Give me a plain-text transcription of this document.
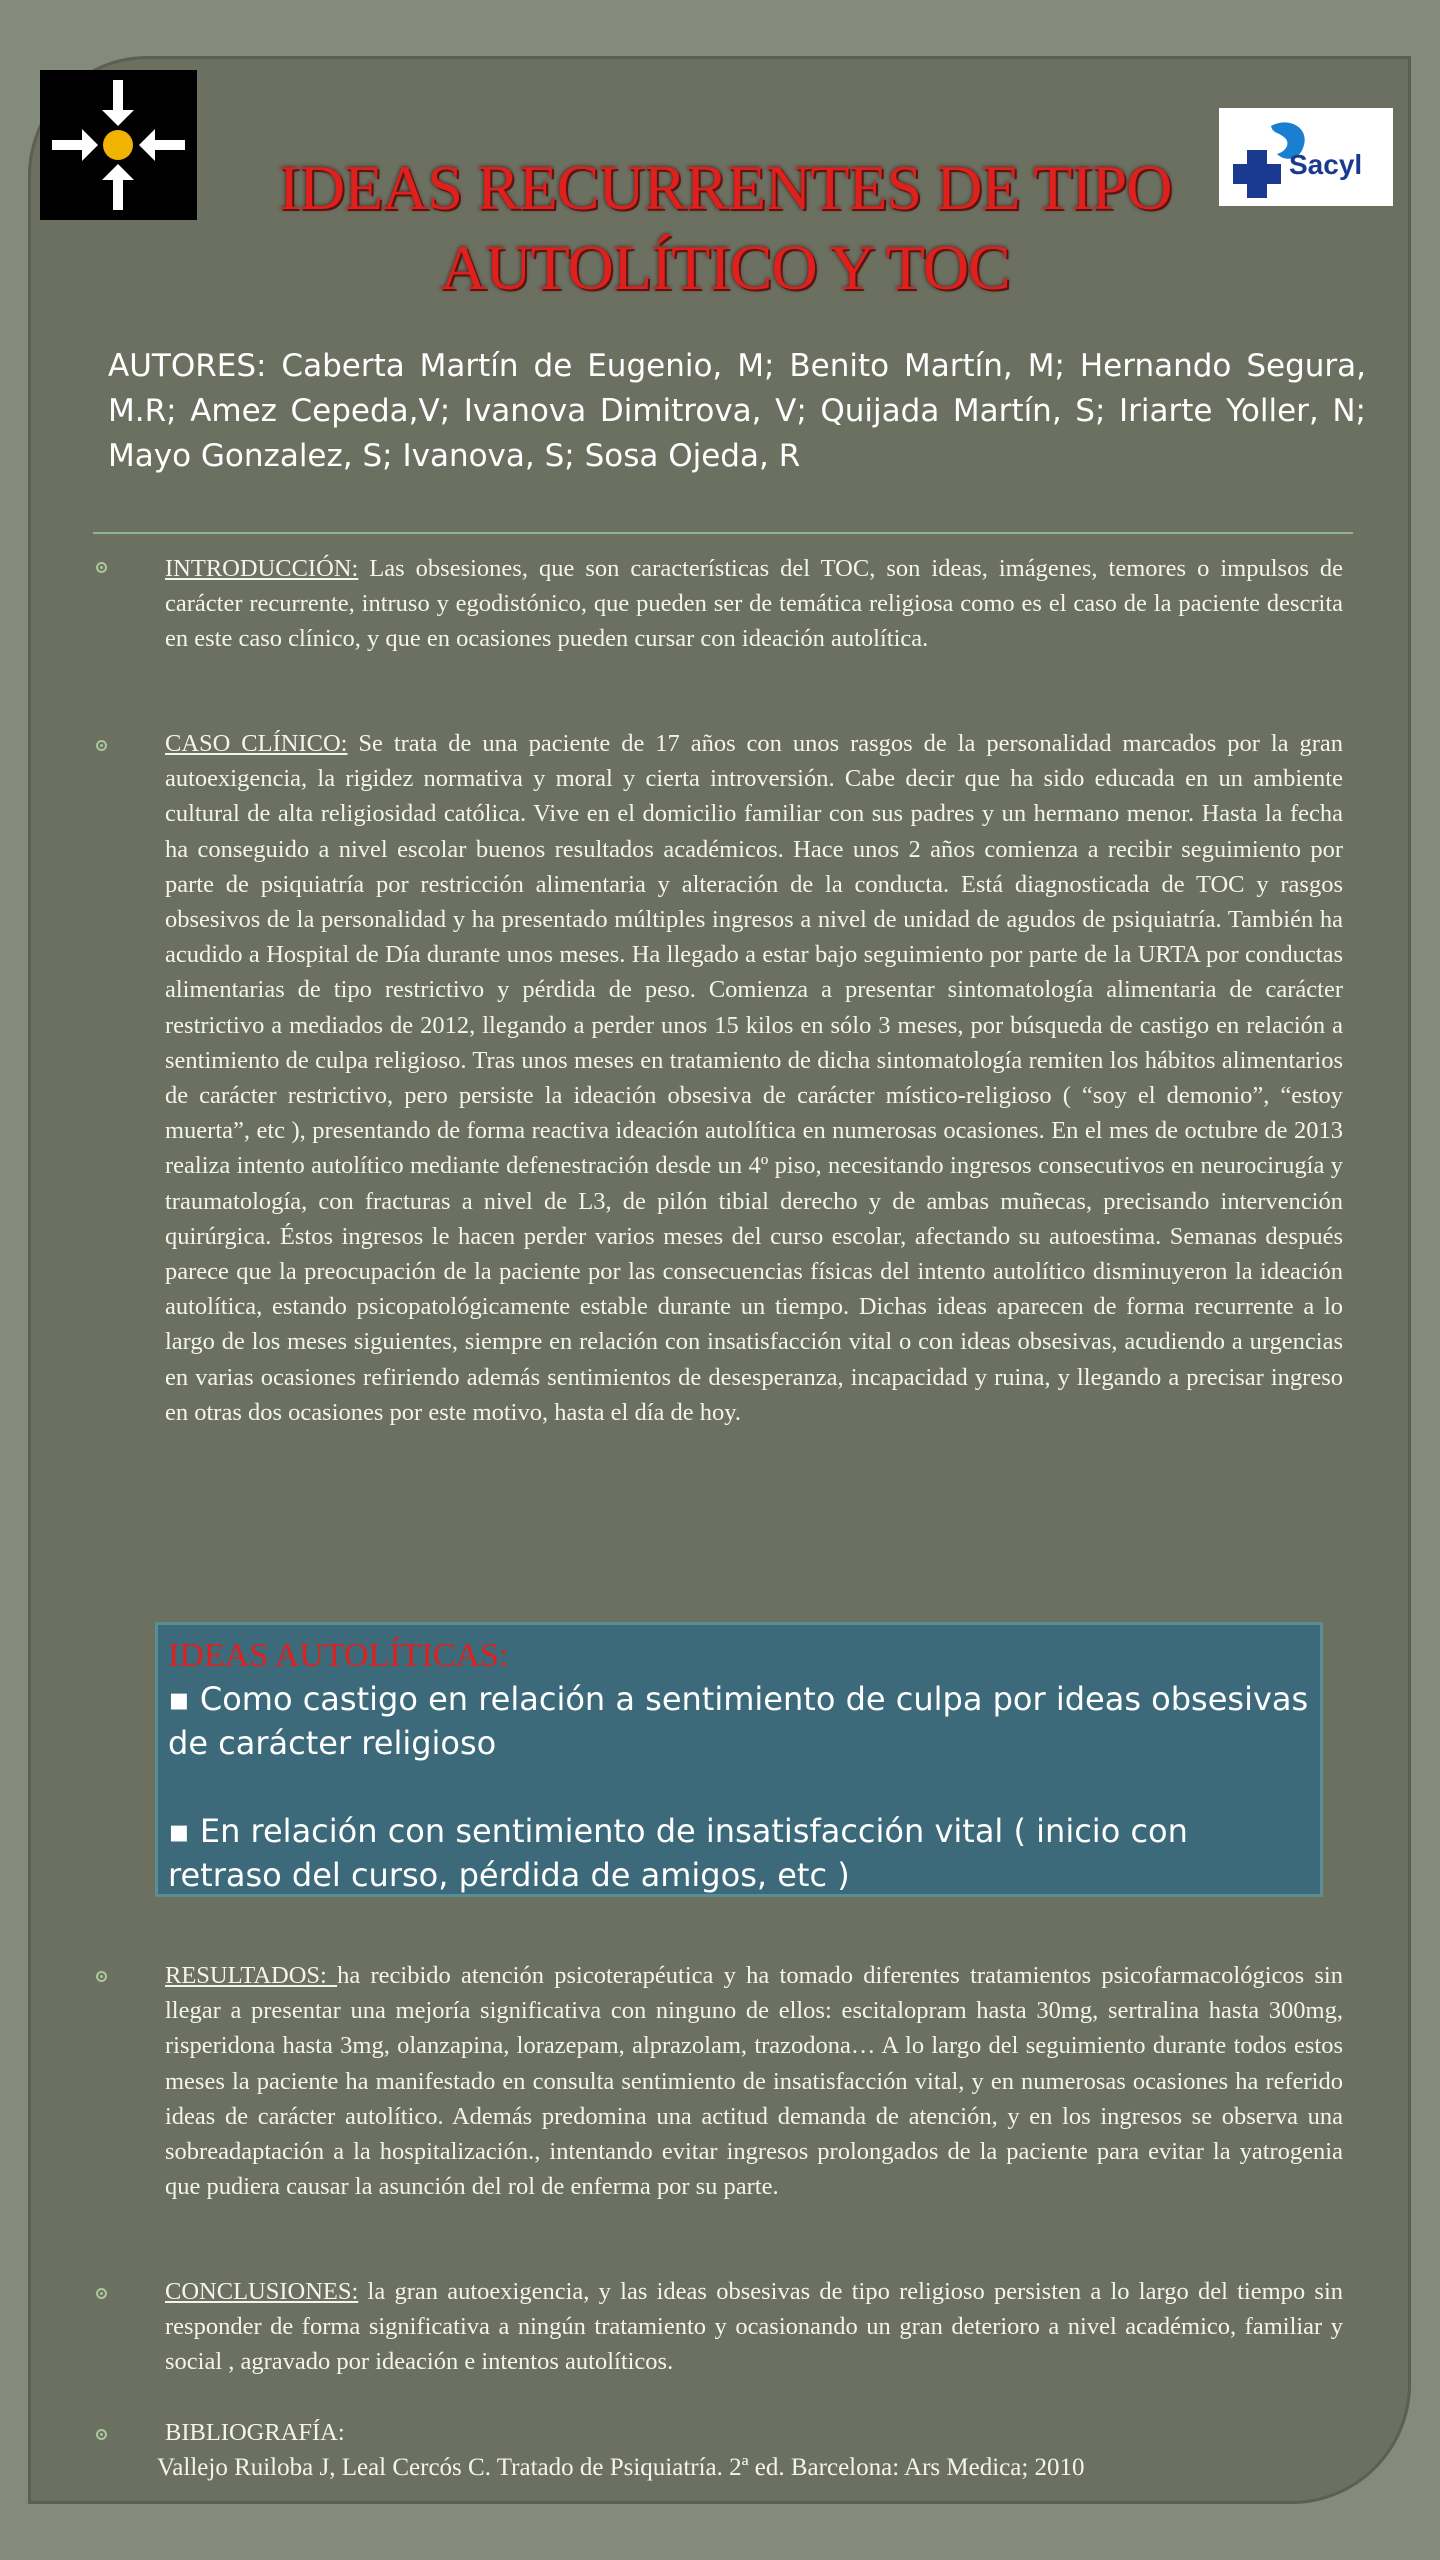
Sacyl
IDEAS RECURRENTES DE TIPO
AUTOLÍTICO Y TOC
AUTORES: Caberta Martín de Eugenio, M; Benito Martín, M; Hernando Segura, M.R; Amez Cepeda,V; Ivanova Dimitrova, V; Quijada Martín, S; Iriarte Yoller, N; Mayo Gonzalez, S; Ivanova, S; Sosa Ojeda, R
INTRODUCCIÓN: Las obsesiones, que son características del TOC, son ideas, imágenes, temores o impulsos de carácter recurrente, intruso y egodistónico, que pueden ser de temática religiosa como es el caso de la paciente descrita en este caso clínico, y que en ocasiones pueden cursar con ideación autolítica.
CASO CLÍNICO: Se trata de una paciente de 17 años con unos rasgos de la personalidad marcados por la gran autoexigencia, la rigidez normativa y moral y cierta introversión. Cabe decir que ha sido educada en un ambiente cultural de alta religiosidad católica. Vive en el domicilio familiar con sus padres y un hermano menor. Hasta la fecha ha conseguido a nivel escolar buenos resultados académicos. Hace unos 2 años comienza a recibir seguimiento por parte de psiquiatría por restricción alimentaria y alteración de la conducta. Está diagnosticada de TOC y rasgos obsesivos de la personalidad y ha presentado múltiples ingresos a nivel de unidad de agudos de psiquiatría. También ha acudido a Hospital de Día durante unos meses. Ha llegado a estar bajo seguimiento por parte de la URTA por conductas alimentarias de tipo restrictivo y pérdida de peso. Comienza a presentar sintomatología alimentaria de carácter restrictivo a mediados de 2012, llegando a perder unos 15 kilos en sólo 3 meses, por búsqueda de castigo en relación a sentimiento de culpa religioso. Tras unos meses en tratamiento de dicha sintomatología remiten los hábitos alimentarios de carácter restrictivo, pero persiste la ideación obsesiva de carácter místico-religioso ( “soy el demonio”, “estoy muerta”, etc ), presentando de forma reactiva ideación autolítica en numerosas ocasiones. En el mes de octubre de 2013 realiza intento autolítico mediante defenestración desde un 4º piso, necesitando ingresos consecutivos en neurocirugía y traumatología, con fracturas a nivel de L3, de pilón tibial derecho y de ambas muñecas, precisando intervención quirúrgica. Éstos ingresos le hacen perder varios meses del curso escolar, afectando su autoestima. Semanas después parece que la preocupación de la paciente por las consecuencias físicas del intento autolítico disminuyeron la ideación autolítica, estando psicopatológicamente estable durante un tiempo. Dichas ideas aparecen de forma recurrente a lo largo de los meses siguientes, siempre en relación con insatisfacción vital o con ideas obsesivas, acudiendo a urgencias en varias ocasiones refiriendo además sentimientos de desesperanza, incapacidad y ruina, y llegando a precisar ingreso en otras dos ocasiones por este motivo, hasta el día de hoy.
IDEAS AUTOLÍTICAS:
▪ Como castigo en relación a sentimiento de culpa por ideas obsesivas de carácter religioso
▪ En relación con sentimiento de insatisfacción vital ( inicio con retraso del curso, pérdida de amigos, etc )
RESULTADOS: ha recibido atención psicoterapéutica y ha tomado diferentes tratamientos psicofarmacológicos sin llegar a presentar una mejoría significativa con ninguno de ellos: escitalopram hasta 30mg, sertralina hasta 300mg, risperidona hasta 3mg, olanzapina, lorazepam, alprazolam, trazodona… A lo largo del seguimiento durante todos estos meses la paciente ha manifestado en consulta sentimiento de insatisfacción vital, y en numerosas ocasiones ha referido ideas de carácter autolítico. Además predomina una actitud demanda de atención, y en los ingresos se observa una sobreadaptación a la hospitalización., intentando evitar ingresos prolongados de la paciente para evitar la yatrogenia que pudiera causar la asunción del rol de enferma por su parte.
CONCLUSIONES: la gran autoexigencia, y las ideas obsesivas de tipo religioso persisten a lo largo del tiempo sin responder de forma significativa a ningún tratamiento y ocasionando un gran deterioro a nivel académico, familiar y social , agravado por ideación e intentos autolíticos.
BIBLIOGRAFÍA:
Vallejo Ruiloba J, Leal Cercós C. Tratado de Psiquiatría. 2ª ed. Barcelona: Ars Medica; 2010
